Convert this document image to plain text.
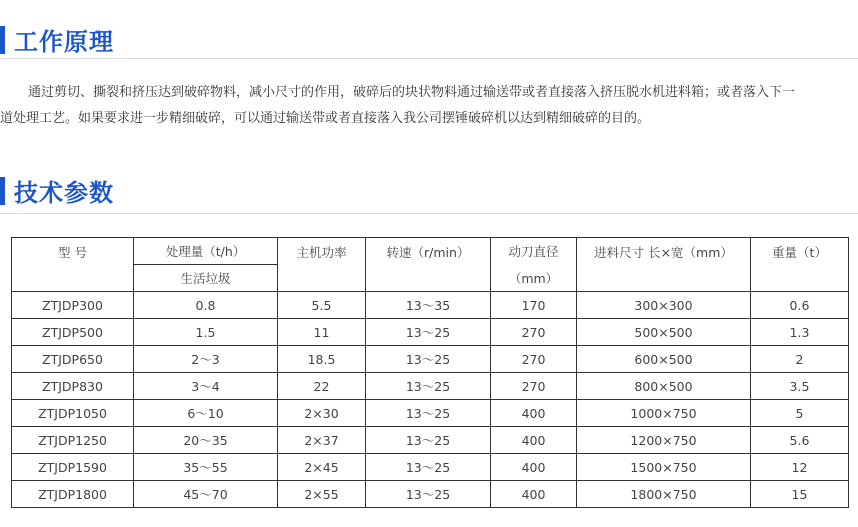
工作原理
通过剪切、撕裂和挤压达到破碎物料，减小尺寸的作用，破碎后的块状物料通过输送带或者直接落入挤压脱水机进料箱；或者落入下一
道处理工艺。如果要求进一步精细破碎，可以通过输送带或者直接落入我公司摆锤破碎机以达到精细破碎的目的。
技术参数
型 号	处理量（t/h）	主机功率	转速（r/min）	动刀直径	进料尺寸 长×宽（mm）	重量（t）
	生活垃圾			（mm）		
ZTJDP300	0.8	5.5	13～35	170	300×300	0.6
ZTJDP500	1.5	11	13～25	270	500×500	1.3
ZTJDP650	2～3	18.5	13～25	270	600×500	2
ZTJDP830	3～4	22	13～25	270	800×500	3.5
ZTJDP1050	6～10	2×30	13～25	400	1000×750	5
ZTJDP1250	20～35	2×37	13～25	400	1200×750	5.6
ZTJDP1590	35～55	2×45	13～25	400	1500×750	12
ZTJDP1800	45～70	2×55	13～25	400	1800×750	15
